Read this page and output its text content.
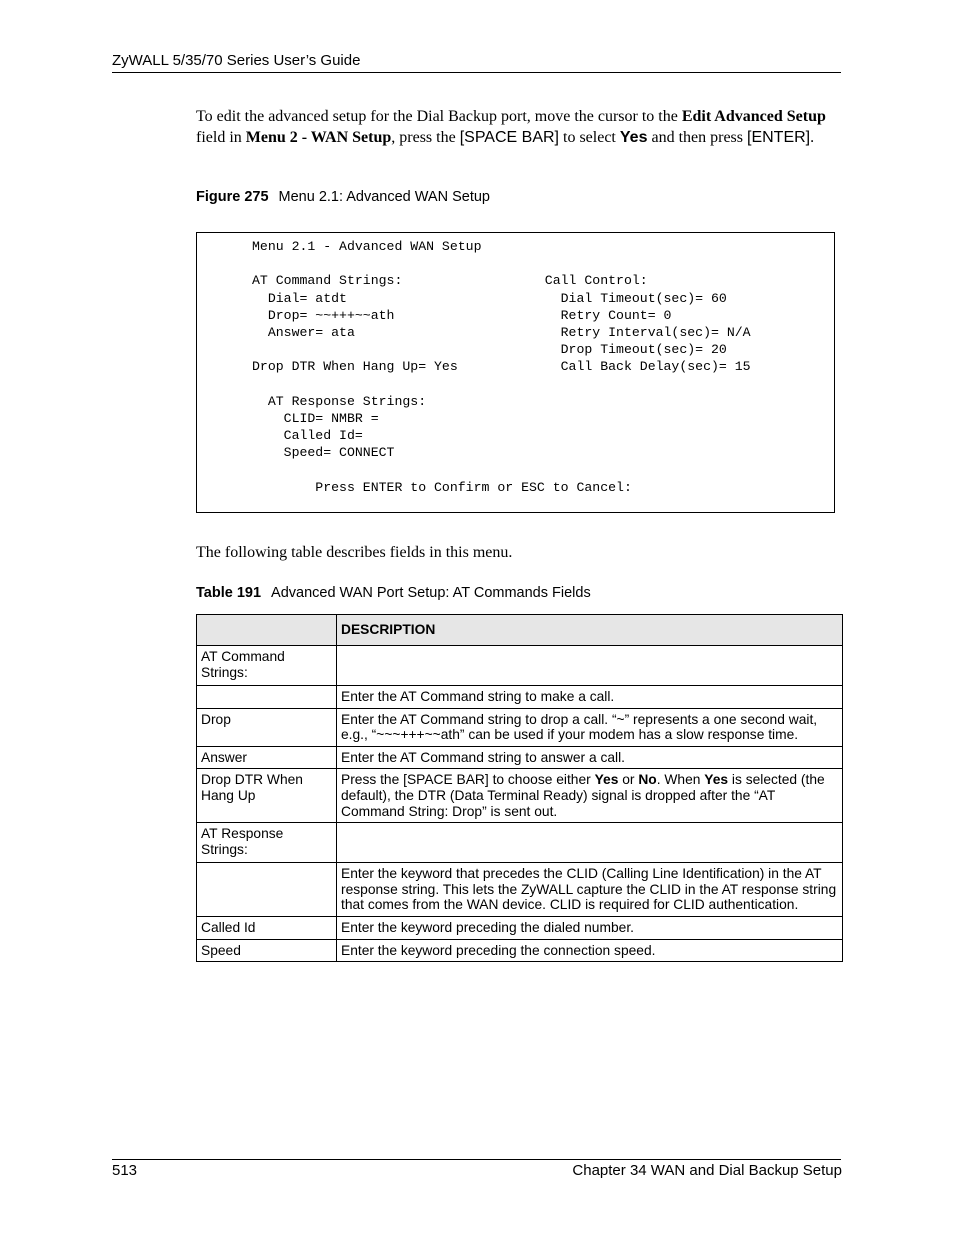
ZyWALL 5/35/70 Series User’s Guide
To edit the advanced setup for the Dial Backup port, move the cursor to the Edit Advanced Setup field in Menu 2 - WAN Setup, press the [SPACE BAR] to select Yes and then press [ENTER].
Figure 275 Menu 2.1: Advanced WAN Setup
Menu 2.1 - Advanced WAN Setup

AT Command Strings:                  Call Control:
Dial= atdt                           Dial Timeout(sec)= 60
Drop= ~~+++~~ath                     Retry Count= 0
Answer= ata                          Retry Interval(sec)= N/A
Drop Timeout(sec)= 20
Drop DTR When Hang Up= Yes             Call Back Delay(sec)= 15

AT Response Strings:
CLID= NMBR =
Called Id=
Speed= CONNECT

Press ENTER to Confirm or ESC to Cancel:
The following table describes fields in this menu.
Table 191 Advanced WAN Port Setup: AT Commands Fields
	DESCRIPTION
AT Command Strings:	
	Enter the AT Command string to make a call.
Drop	Enter the AT Command string to drop a call. “~” represents a one second wait, e.g., “~~~+++~~ath” can be used if your modem has a slow response time.
Answer	Enter the AT Command string to answer a call.
Drop DTR When Hang Up	Press the [SPACE BAR] to choose either Yes or No. When Yes is selected (the default), the DTR (Data Terminal Ready) signal is dropped after the “AT Command String: Drop” is sent out.
AT Response Strings:	
	Enter the keyword that precedes the CLID (Calling Line Identification) in the AT response string. This lets the ZyWALL capture the CLID in the AT response string that comes from the WAN device. CLID is required for CLID authentication.
Called Id	Enter the keyword preceding the dialed number.
Speed	Enter the keyword preceding the connection speed.
513	Chapter 34 WAN and Dial Backup Setup
